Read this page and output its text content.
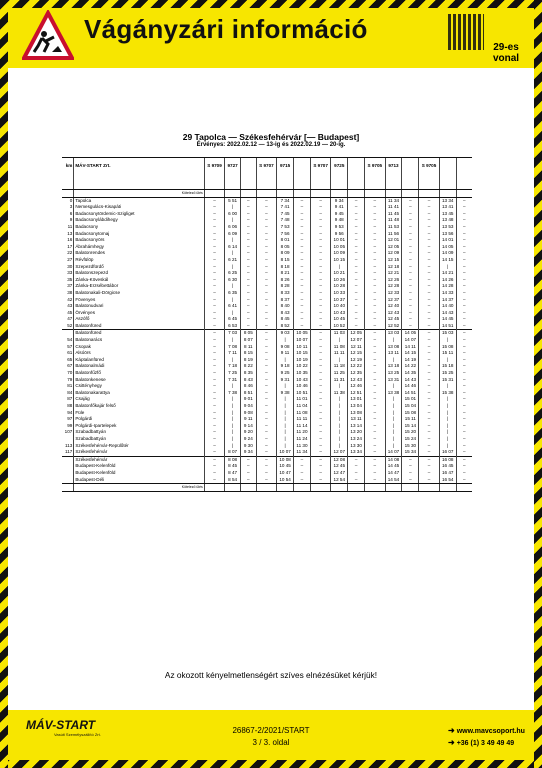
Vágányzári információ
29-es
vonal
29 Tapolca — Székesfehérvár [— Budapest]
Érvényes: 2022.02.12 — 13-ig és 2022.02.19 — 20-ig.
km	MÁV-START Zrt.	S 9709	9727		S 9707	9715		S 9707	9725		S 9705	9713		S 9705		
	Kötelező ülés															
0	Tapolca	–	5 51	–	–	7 34	–	–	9 34	–	–	11 34	–	–	13 34	–
3	Nemesgulács-Kisapáti	–	|	–	–	7 41	–	–	9 41	–	–	11 41	–	–	13 41	–
6	Badacsonytördemic-Szigliget	–	6 00	–	–	7 45	–	–	9 45	–	–	11 45	–	–	13 45	–
9	Badacsonylábdihegy	–	|	–	–	7 48	–	–	9 48	–	–	11 48	–	–	13 48	–
11	Badacsony	–	6 06	–	–	7 53	–	–	9 53	–	–	11 53	–	–	13 53	–
13	Badacsonytomaj	–	6 09	–	–	7 56	–	–	9 56	–	–	11 56	–	–	13 56	–
16	Badacsonyörs	–	|	–	–	8 01	–	–	10 01	–	–	12 01	–	–	14 01	–
17	Ábrahámhegy	–	6 14	–	–	8 05	–	–	10 05	–	–	12 05	–	–	14 05	–
22	Balatonrendes	–	|	–	–	8 09	–	–	10 09	–	–	12 09	–	–	14 09	–
27	Révfülöp	–	6 21	–	–	8 15	–	–	10 15	–	–	12 15	–	–	14 15	–
30	Szepezdfürdő	–	|	–	–	8 18	–	–	|	–	–	12 18	–	–	|	–
33	Balatonszepezd	–	6 25	–	–	8 21	–	–	10 21	–	–	12 21	–	–	14 21	–
35	Zánka-Köveskál	–	6 30	–	–	8 26	–	–	10 26	–	–	12 26	–	–	14 26	–
37	Zánka-Erzsébettábor	–	|	–	–	8 28	–	–	10 28	–	–	12 28	–	–	14 28	–
38	Balatonakali-Dörgicse	–	6 35	–	–	8 33	–	–	10 33	–	–	12 33	–	–	14 33	–
42	Fövenyes	–	|	–	–	8 37	–	–	10 37	–	–	12 37	–	–	14 37	–
43	Balatonudvari	–	6 41	–	–	8 40	–	–	10 40	–	–	12 40	–	–	14 40	–
45	Örvényes	–	|	–	–	8 43	–	–	10 43	–	–	12 43	–	–	14 43	–
47	Aszófő	–	6 45	–	–	8 45	–	–	10 45	–	–	12 45	–	–	14 45	–
52	Balatonfüred	–	6 53	–	–	8 52	–	–	10 52	–	–	12 52	–	–	14 51	–
	Balatonfüred	–	7 03	8 05	–	9 03	10 05	–	11 03	12 05	–	13 03	14 05	–	15 03	–
54	Balatonarács	–	|	8 07	–	|	10 07	–	|	12 07	–	|	14 07	–	|	–
57	Csopak	–	7 08	8 11	–	9 08	10 11	–	11 08	12 11	–	13 08	14 11	–	15 08	–
61	Alsóörs	–	7 11	8 15	–	9 11	10 15	–	11 11	12 15	–	13 11	14 15	–	15 11	–
65	Káptalanfüred	–	|	8 19	–	|	10 19	–	|	12 19	–	|	14 19	–	|	–
67	Balatonalmádi	–	7 18	8 22	–	9 18	10 22	–	11 18	12 22	–	13 18	14 22	–	15 18	–
70	Balatonfűzfő	–	7 25	8 35	–	9 25	10 35	–	11 25	12 35	–	13 25	14 35	–	15 25	–
79	Balatonkenese	–	7 31	8 43	–	9 31	10 43	–	11 31	12 43	–	13 31	14 43	–	15 31	–
81	Csittényhegy	–	|	8 46	–	|	10 46	–	|	12 46	–	|	14 46	–	|	–
84	Balatonakarattya	–	7 38	8 51	–	9 38	10 51	–	11 38	12 51	–	13 38	14 51	–	15 38	–
87	Csajág	–	|	9 01	–	|	11 01	–	|	13 01	–	|	15 01	–	|	–
88	Balatonfőkajár felső	–	|	9 04	–	|	11 04	–	|	13 04	–	|	15 04	–	|	–
94	Füle	–	|	9 08	–	|	11 08	–	|	13 08	–	|	15 08	–	|	–
97	Polgárdi	–	|	9 11	–	|	11 11	–	|	13 11	–	|	15 11	–	|	–
99	Polgárdi-Ipartelepek	–	|	9 14	–	|	11 14	–	|	13 14	–	|	15 14	–	|	–
107	Szabadbattyán	–	|	9 20	–	|	11 20	–	|	13 20	–	|	15 20	–	|	–
	Szabadbattyán	–	|	9 24	–	|	11 24	–	|	13 24	–	|	15 24	–	|	–
113	Székesfehérvár-Repülőtér	–	|	9 30	–	|	11 30	–	|	13 30	–	|	15 30	–	|	–
117	Székesfehérvár	–	8 07	9 34	–	10 07	11 34	–	12 07	13 34	–	14 07	15 34	–	16 07	–
	Székesfehérvár	–	8 08	–	–	10 08	–	–	12 08	–	–	14 08	–	–	16 08	–
	Budapest-Kelenföld	–	8 45	–	–	10 45	–	–	12 45	–	–	14 45	–	–	16 45	–
	Budapest-Kelenföld	–	8 47	–	–	10 47	–	–	12 47	–	–	14 47	–	–	16 47	–
	Budapest-Déli	–	8 54	–	–	10 54	–	–	12 54	–	–	14 54	–	–	16 54	–
	Kötelező ülés															
Az okozott kényelmetlenségért szíves elnézésüket kérjük!
MÁV-START
Vasúti Személyszállító Zrt.	26867-2/2021/START
3 / 3. oldal
➜ www.mavcsoport.hu
➜ +36 (1) 3 49 49 49
